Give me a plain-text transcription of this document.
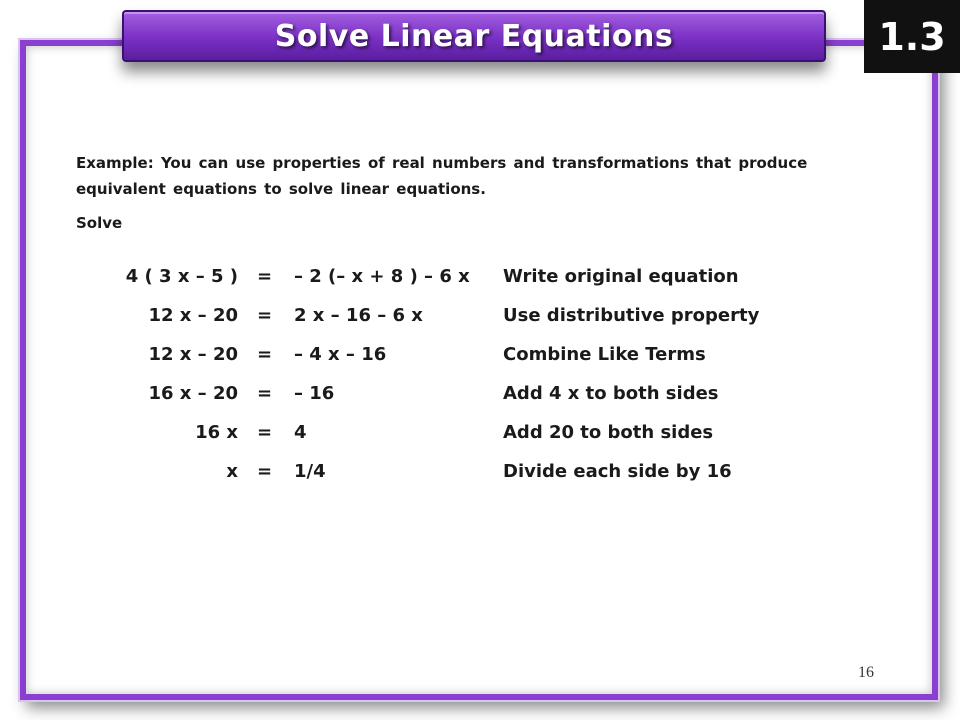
Solve Linear Equations	1.3
Example: You can use properties of real numbers and transformations that produce equivalent equations to solve linear equations.
Solve
4 ( 3 x – 5 ) = – 2 (– x + 8 ) – 6 x Write original equation
12 x – 20 = 2 x – 16 – 6 x	Use distributive property
12 x – 20 = – 4 x – 16	Combine Like Terms
16 x – 20 = – 16	Add 4 x to both sides
16 x = 4	Add 20 to both sides
x = 1/4	Divide each side by 16
16
